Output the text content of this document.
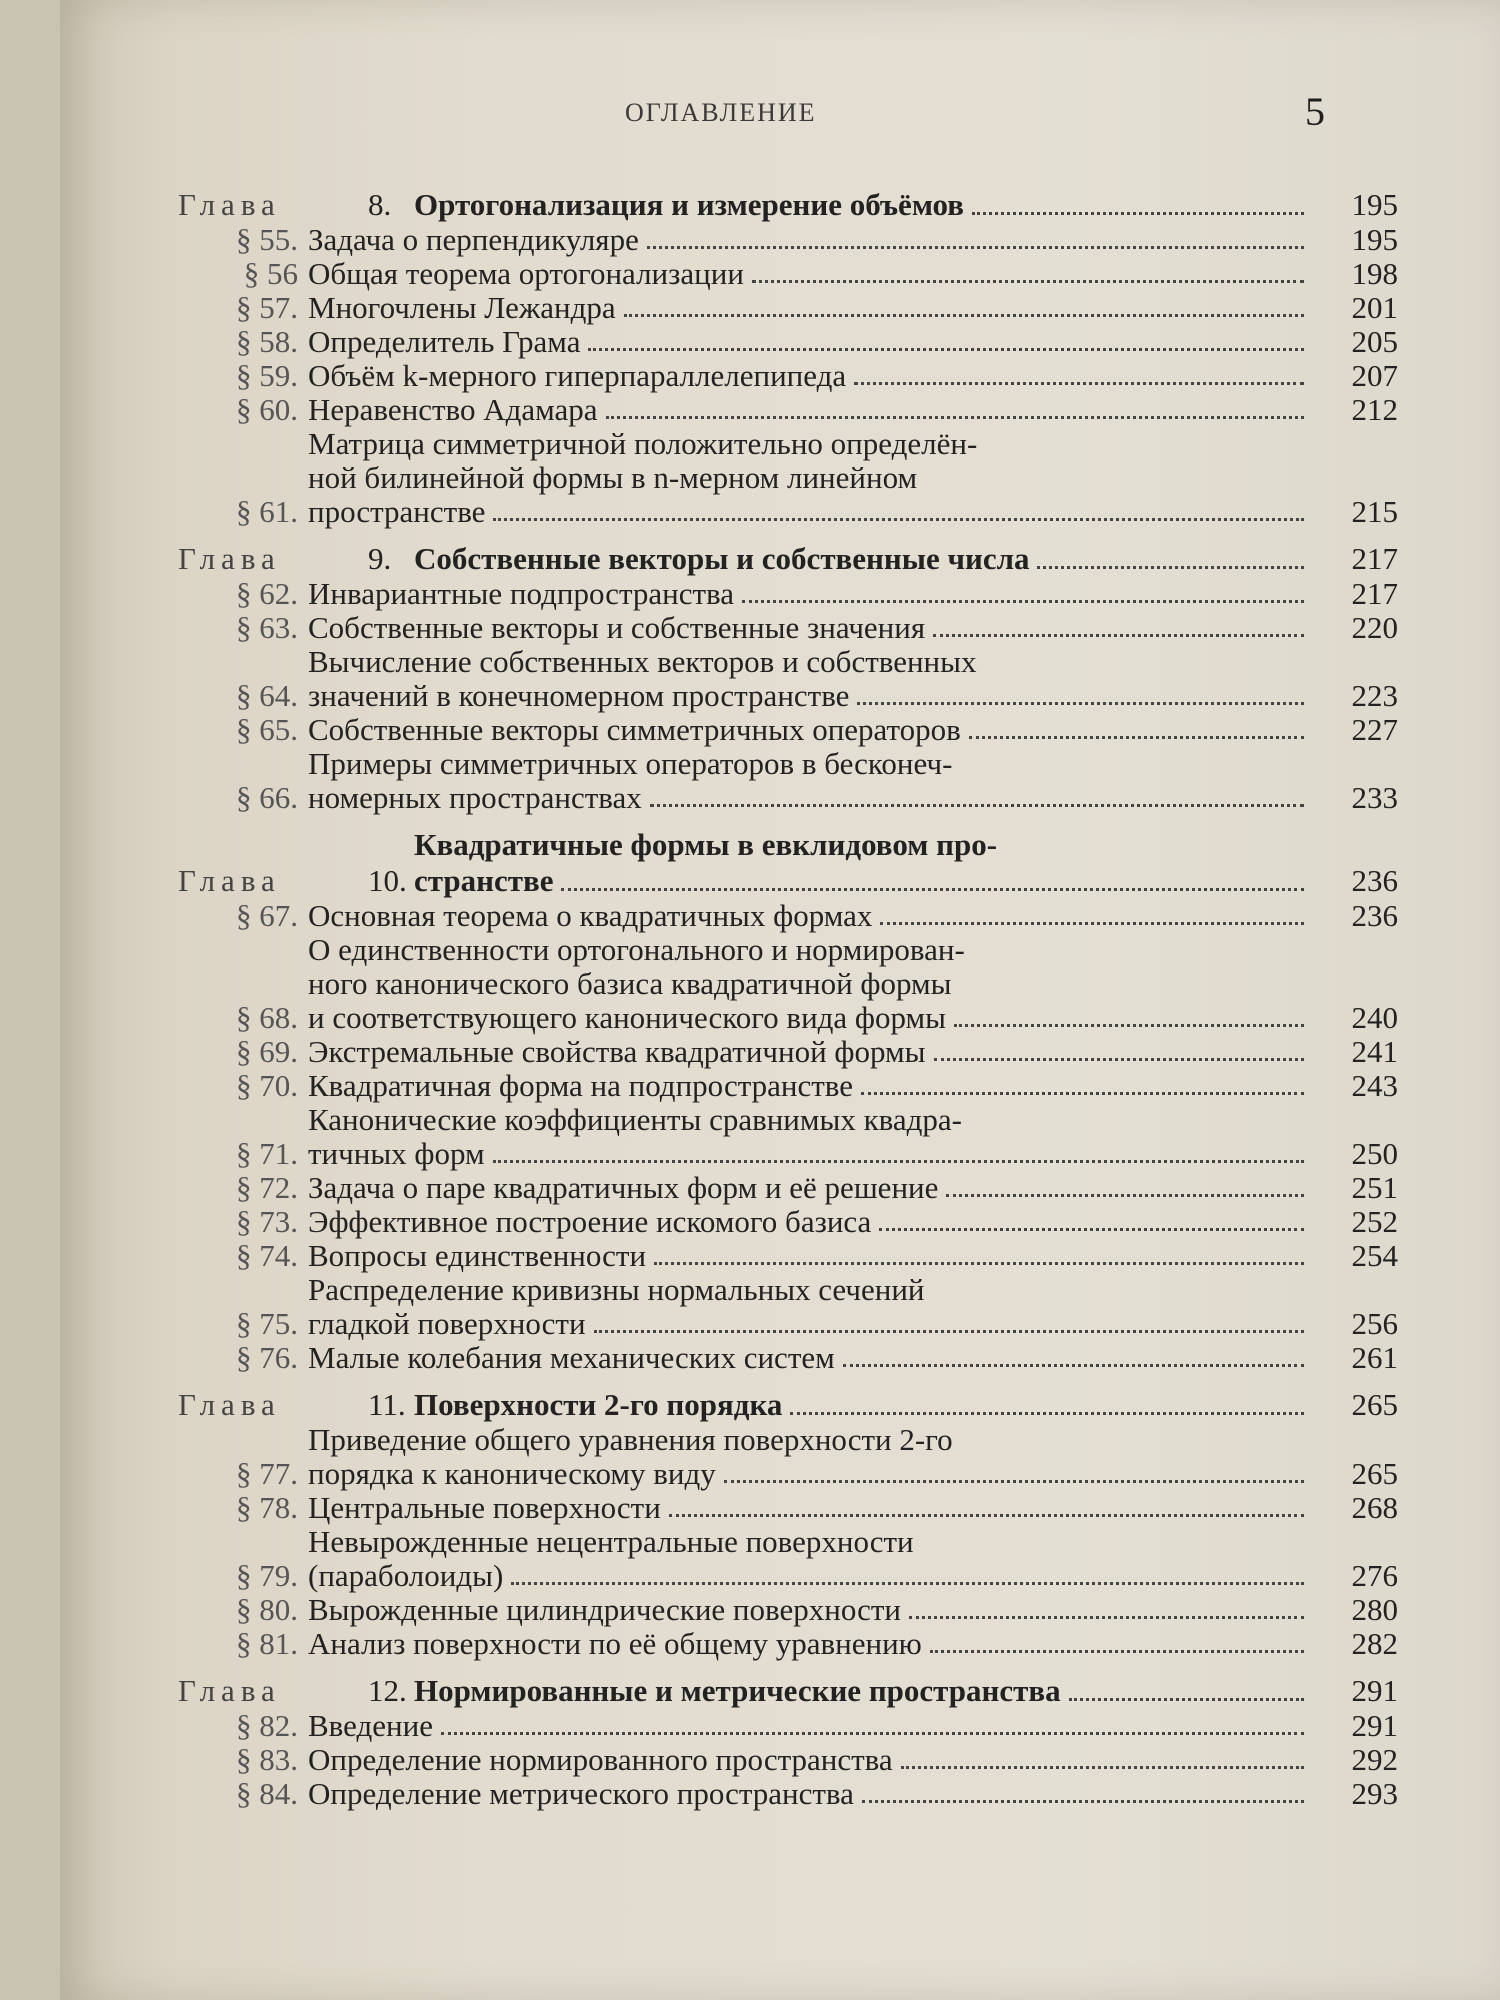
ОГЛАВЛЕНИЕ	5
Глава	8. Ортогонализация и измерение объёмов	195
§ 55. Задача о перпендикуляре	195
§ 56 Общая теорема ортогонализации	198
§ 57. Многочлены Лежандра	201
§ 58. Определитель Грама	205
§ 59. Объём k-мерного гиперпараллелепипеда	207
§ 60. Неравенство Адамара	212
§ 61.
Матрица симметричной положительно определён-
ной билинейной формы в n-мерном линейном
пространстве	215
Глава	9. Собственные векторы и собственные числа	217
§ 62. Инвариантные подпространства	217
§ 63. Собственные векторы и собственные значения	220
§ 64.
Вычисление собственных векторов и собственных
значений в конечномерном пространстве	223
§ 65. Собственные векторы симметричных операторов	227
§ 66.
Примеры симметричных операторов в бесконеч-
номерных пространствах	233
Глава	10.
Квадратичные формы в евклидовом про-
странстве	236
§ 67. Основная теорема о квадратичных формах	236
§ 68.
О единственности ортогонального и нормирован-
ного канонического базиса квадратичной формы
и соответствующего канонического вида формы	240
§ 69. Экстремальные свойства квадратичной формы	241
§ 70. Квадратичная форма на подпространстве	243
§ 71.
Канонические коэффициенты сравнимых квадра-
тичных форм	250
§ 72. Задача о паре квадратичных форм и её решение	251
§ 73. Эффективное построение искомого базиса	252
§ 74. Вопросы единственности	254
§ 75.
Распределение кривизны нормальных сечений
гладкой поверхности	256
§ 76. Малые колебания механических систем	261
Глава	11. Поверхности 2-го порядка	265
§ 77.
Приведение общего уравнения поверхности 2-го
порядка к каноническому виду	265
§ 78. Центральные поверхности	268
§ 79.
Невырожденные нецентральные поверхности
(параболоиды)	276
§ 80. Вырожденные цилиндрические поверхности	280
§ 81. Анализ поверхности по её общему уравнению	282
Глава	12. Нормированные и метрические пространства	291
§ 82. Введение	291
§ 83. Определение нормированного пространства	292
§ 84. Определение метрического пространства	293
